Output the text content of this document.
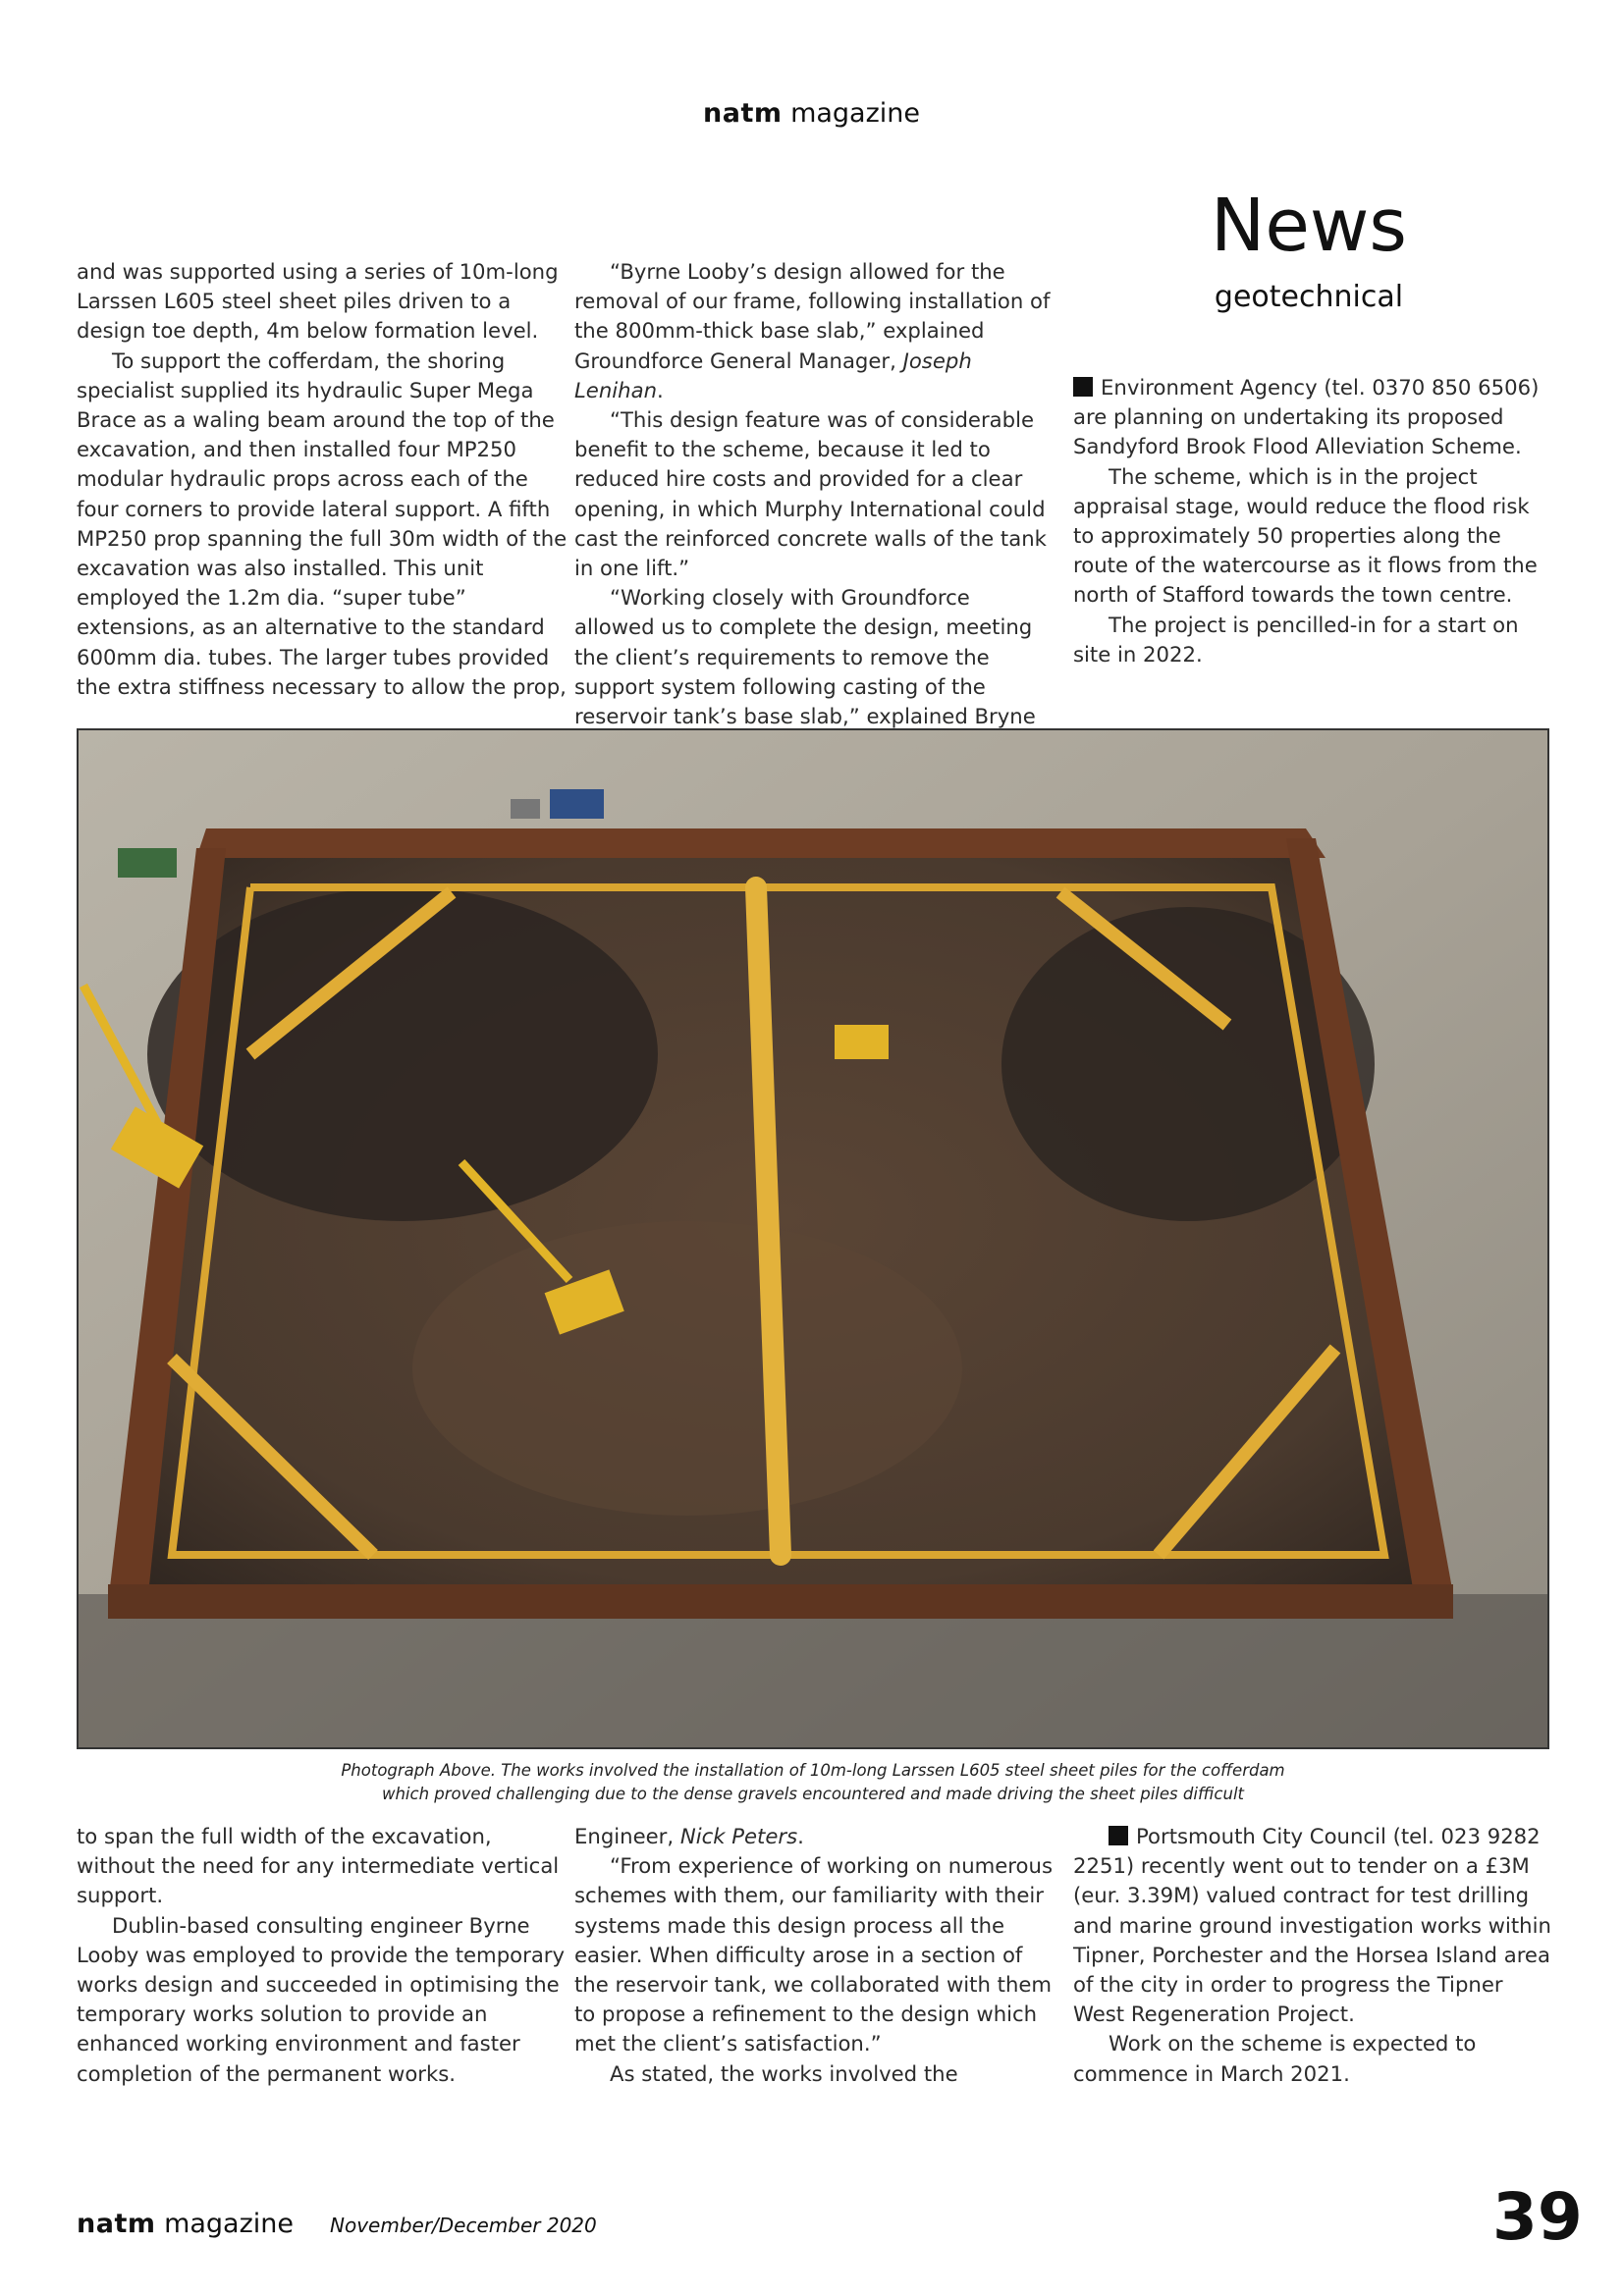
natm magazine
News
geotechnical

and was supported using a series of 10m-long Larssen L605 steel sheet piles driven to a design toe depth, 4m below formation level.

To support the cofferdam, the shoring specialist supplied its hydraulic Super Mega Brace as a waling beam around the top of the excavation, and then installed four MP250 modular hydraulic props across each of the four corners to provide lateral support. A fifth MP250 prop spanning the full 30m width of the excavation was also installed. This unit employed the 1.2m dia. “super tube” extensions, as an alternative to the standard 600mm dia. tubes. The larger tubes provided the extra stiffness necessary to allow the prop,

“Byrne Looby’s design allowed for the removal of our frame, following installation of the 800mm-thick base slab,” explained Groundforce General Manager, Joseph Lenihan.

“This design feature was of considerable benefit to the scheme, because it led to reduced hire costs and provided for a clear opening, in which Murphy International could cast the reinforced concrete walls of the tank in one lift.”

“Working closely with Groundforce allowed us to complete the design, meeting the client’s requirements to remove the support system following casting of the reservoir tank’s base slab,” explained Bryne

Environment Agency (tel. 0370 850 6506) are planning on undertaking its proposed Sandyford Brook Flood Alleviation Scheme.

The scheme, which is in the project appraisal stage, would reduce the flood risk to approximately 50 properties along the route of the watercourse as it flows from the north of Stafford towards the town centre.

The project is pencilled-in for a start on site in 2022.

Photograph Above. The works involved the installation of 10m-long Larssen L605 steel sheet piles for the cofferdam
which proved challenging due to the dense gravels encountered and made driving the sheet piles difficult

to span the full width of the excavation, without the need for any intermediate vertical support.

Dublin-based consulting engineer Byrne Looby was employed to provide the temporary works design and succeeded in optimising the temporary works solution to provide an enhanced working environment and faster completion of the permanent works.

Engineer, Nick Peters.

“From experience of working on numerous schemes with them, our familiarity with their systems made this design process all the easier. When difficulty arose in a section of the reservoir tank, we collaborated with them to propose a refinement to the design which met the client’s satisfaction.”

As stated, the works involved the

Portsmouth City Council (tel. 023 9282 2251) recently went out to tender on a £3M (eur. 3.39M) valued contract for test drilling and marine ground investigation works within Tipner, Porchester and the Horsea Island area of the city in order to progress the Tipner West Regeneration Project.

Work on the scheme is expected to commence in March 2021.

natm magazine November/December 2020	39
